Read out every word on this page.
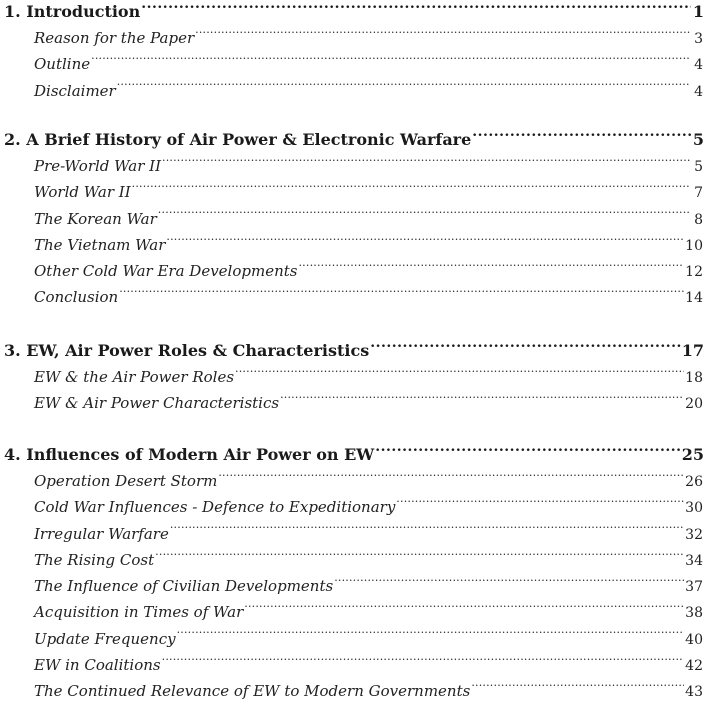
1. Introduction .....	1
Reason for the Paper .....	3
Outline .....	4
Disclaimer .....	4
2. A Brief History of Air Power & Electronic Warfare .....	5
Pre-World War II .....	5
World War II .....	7
The Korean War .....	8
The Vietnam War .....	10
Other Cold War Era Developments .....	12
Conclusion .....	14
3. EW, Air Power Roles & Characteristics .....	17
EW & the Air Power Roles .....	18
EW & Air Power Characteristics .....	20
4. Influences of Modern Air Power on EW .....	25
Operation Desert Storm .....	26
Cold War Influences - Defence to Expeditionary .....	30
Irregular Warfare .....	32
The Rising Cost .....	34
The Influence of Civilian Developments .....	37
Acquisition in Times of War .....	38
Update Frequency .....	40
EW in Coalitions .....	42
The Continued Relevance of EW to Modern Governments .....	43
